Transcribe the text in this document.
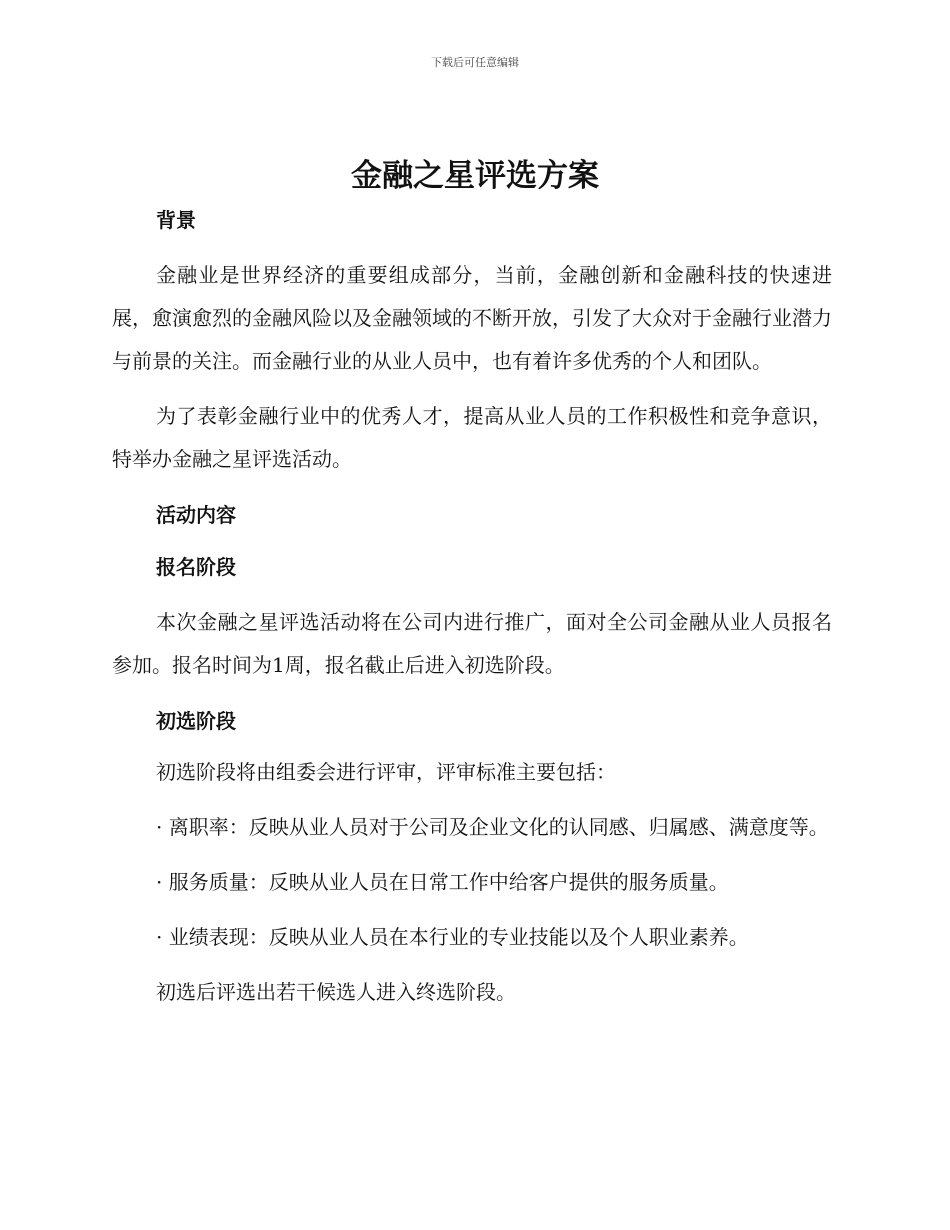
下载后可任意编辑
金融之星评选方案
背景

金融业是世界经济的重要组成部分，当前，金融创新和金融科技的快速进展，愈演愈烈的金融风险以及金融领域的不断开放，引发了大众对于金融行业潜力与前景的关注。而金融行业的从业人员中，也有着许多优秀的个人和团队。

为了表彰金融行业中的优秀人才，提高从业人员的工作积极性和竞争意识，特举办金融之星评选活动。

活动内容
报名阶段

本次金融之星评选活动将在公司内进行推广，面对全公司金融从业人员报名参加。报名时间为1周，报名截止后进入初选阶段。

初选阶段

初选阶段将由组委会进行评审，评审标准主要包括：

· 离职率：反映从业人员对于公司及企业文化的认同感、归属感、满意度等。

· 服务质量：反映从业人员在日常工作中给客户提供的服务质量。

· 业绩表现：反映从业人员在本行业的专业技能以及个人职业素养。

初选后评选出若干候选人进入终选阶段。
